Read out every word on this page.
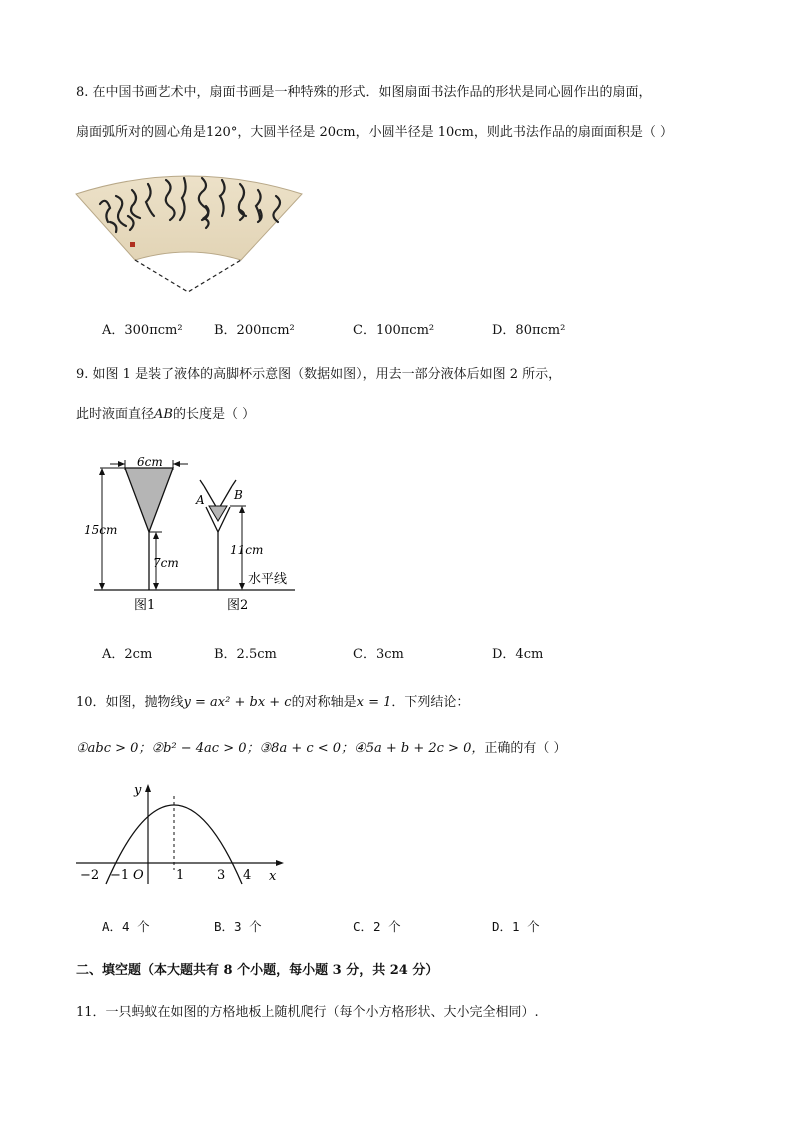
8. 在中国书画艺术中，扇面书画是一种特殊的形式．如图扇面书法作品的形状是同心圆作出的扇面，
扇面弧所对的圆心角是120°，大圆半径是 20cm，小圆半径是 10cm，则此书法作品的扇面面积是（ ）
A．300πcm² B．200πcm²	C．100πcm²	D．80πcm²
9. 如图 1 是装了液体的高脚杯示意图（数据如图），用去一部分液体后如图 2 所示，
此时液面直径AB的长度是（ ）
6cm
15cm
7cm
A B
11cm
水平线
图1	图2
A．2cm	B．2.5cm	C．3cm	D．4cm
10．如图，抛物线y = ax² + bx + c的对称轴是x = 1．下列结论：
①abc > 0；②b² − 4ac > 0；③8a + c < 0；④5a + b + 2c > 0，正确的有（ ）
y
x
O
−2 −1	1	3 4
A．4 个	B．3 个	C．2 个	D．1 个
二、填空题（本大题共有 8 个小题，每小题 3 分，共 24 分）
11．一只蚂蚁在如图的方格地板上随机爬行（每个小方格形状、大小完全相同）.
